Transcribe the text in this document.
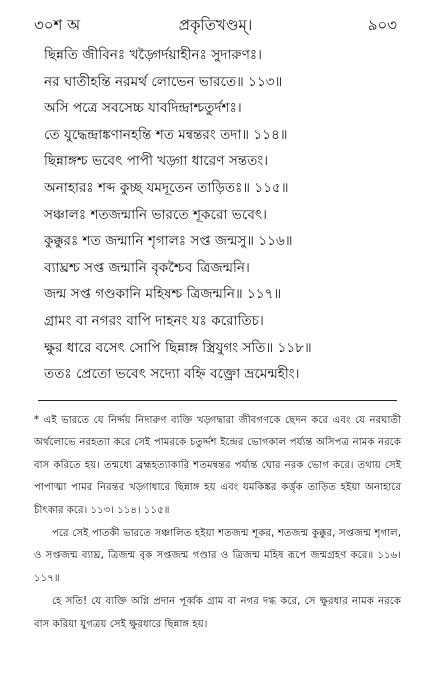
৩০শ অ	প্রকৃতিখণ্ডম্।	৯০৩
ছিন্নতি জীবিনঃ খড়্গৈর্দয়াহীনঃ সুদারুণঃ।
নর ঘাতীহন্তি নরমর্থ লোভেন ভারতে॥ ১১৩॥
অসি পত্রে সবসেচ্চ যাবদিন্দ্রাশ্চতুর্দশঃ।
তে যুদ্ধেন্দ্রাঙ্কণানহন্তি শত মন্বন্তরং তদা॥ ১১৪॥
ছিন্নাঙ্গশ্চ ভবেৎ পাপী খড়্গা ধারেণ সন্ততং।
অনাহারঃ শব্দ কুচ্ছ যমদূতেন তাড়িতঃ॥ ১১৫॥
সঞ্চালঃ শতজন্মানি ভারতে শূকরো ভবেৎ।
কুক্কুরঃ শত জন্মানি শৃগালঃ সপ্ত জন্মসু॥ ১১৬॥
ব্যাঘ্রশ্চ সপ্ত জন্মানি বৃকশ্চৈব ত্রিজন্মনি।
জন্ম সপ্ত গণ্ডকানি মহিষশ্চ ত্রিজন্মনি॥ ১১৭॥
গ্রামং বা নগরং বাপি দাহনং যঃ করোতিচ।
ক্ষুর ধারে বসেৎ সোপি ছিন্নাঙ্গ স্ত্রিযুগং সতি॥ ১১৮॥
ততঃ প্রেতো ভবেৎ সদ্যো বহ্নি বক্ত্রো ভ্রমেন্মহীং।

* এই ভারতে যে নির্দ্দয় নিদারুণ ব্যক্তি খড়্গদ্বারা জীবগণকে ছেদন করে এবং যে নরঘাতী অর্থলোভে নরহত্যা করে সেই পামরকে চতুর্দ্দশ ইন্দ্রের ভোগকাল পর্য্যন্ত অসিপত্র নামক নরকে বাস করিতে হয়। তন্মধ্যে ব্রহ্মহত্যাকারি শতমন্বন্তর পর্য্যন্ত ঘোর নরক ভোগ করে। তথায় সেই পাপাত্মা পামর নিরন্তর খড়্গাধারে ছিন্নাঙ্গ হয় এবং যমকিঙ্কর কর্ত্তৃক তাড়িত হইয়া অনাহারে চীৎকার করে। ১১৩। ১১৪। ১১৫॥

পরে সেই পাতকী ভারতে সঞ্চালিত হইয়া শতজন্ম শূকর, শতজন্ম কুক্কুর, সপ্তজন্ম শৃগাল, ও সপ্তজন্ম ব্যাঘ্র, ত্রিজন্ম বৃক সপ্তজন্ম গণ্ডার ও ত্রিজন্ম মহিষ রূপে জন্মগ্রহণ করে॥ ১১৬। ১১৭॥

হে সতি! যে ব্যক্তি অগ্নি প্রদান পূর্ব্বক গ্রাম বা নগর দগ্ধ করে, সে ক্ষুরধার নামক নরকে বাস করিয়া যুগত্রয় সেই ক্ষুরধারে ছিন্নাঙ্গ হয়।
